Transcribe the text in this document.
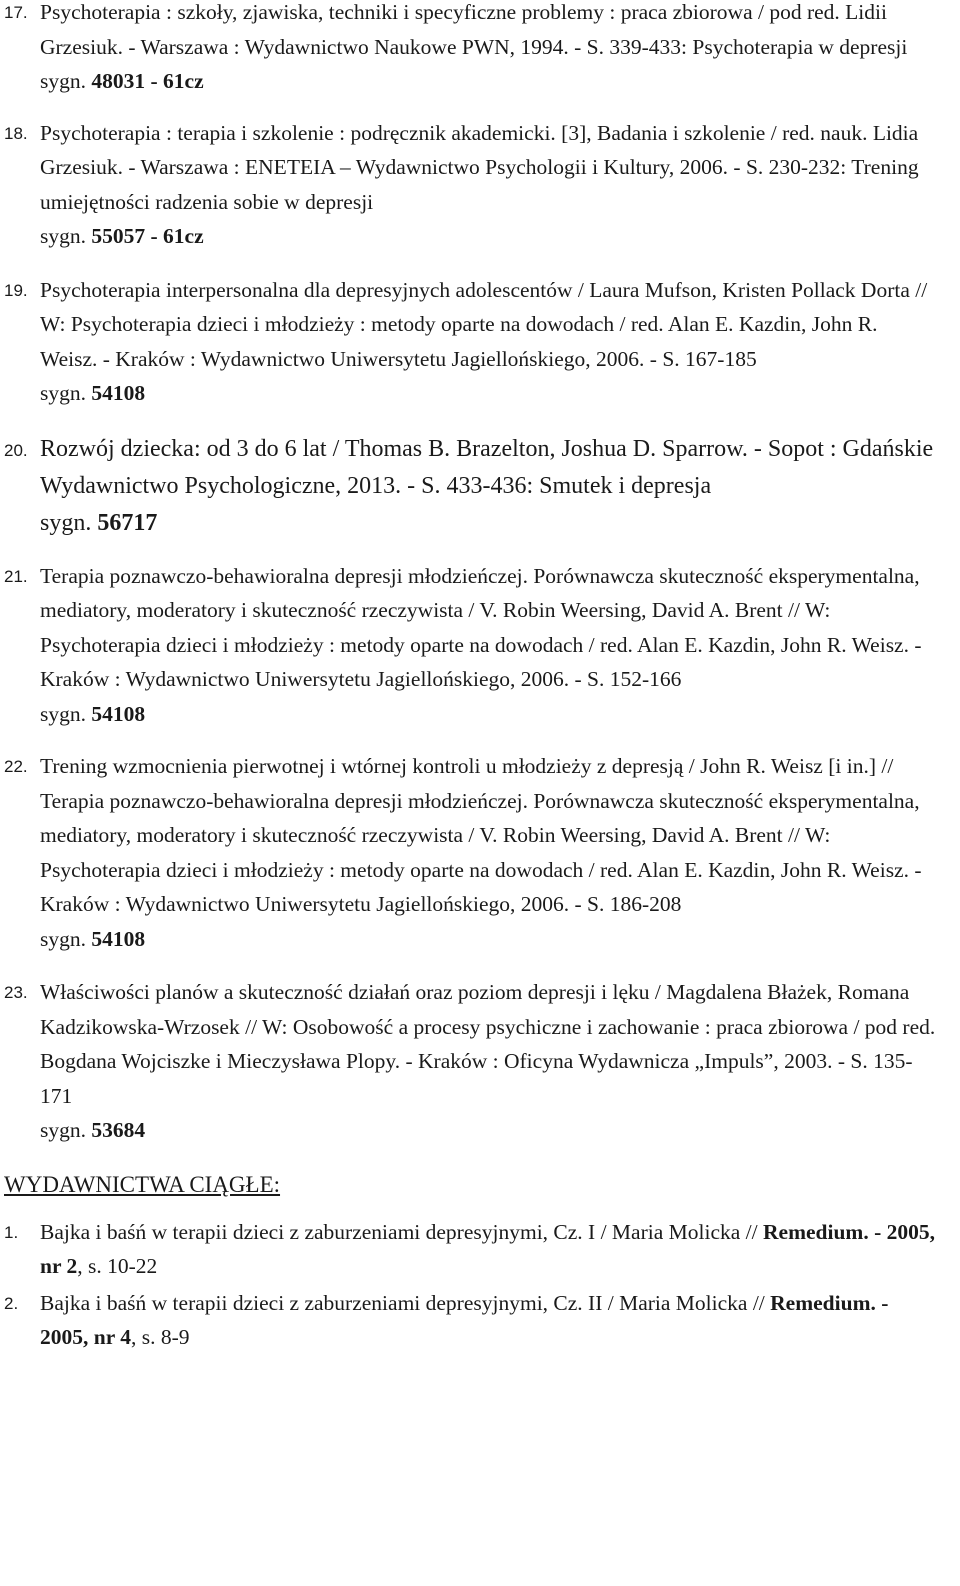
17. Psychoterapia : szkoły, zjawiska, techniki i specyficzne problemy : praca zbiorowa / pod red. Lidii Grzesiuk. - Warszawa : Wydawnictwo Naukowe PWN, 1994. - S. 339-433: Psychoterapia w depresji

sygn. 48031 - 61cz

18. Psychoterapia : terapia i szkolenie : podręcznik akademicki. [3], Badania i szkolenie / red. nauk. Lidia Grzesiuk. - Warszawa : ENETEIA – Wydawnictwo Psychologii i Kultury, 2006. - S. 230-232: Trening umiejętności radzenia sobie w depresji

sygn. 55057 - 61cz

19. Psychoterapia interpersonalna dla depresyjnych adolescentów / Laura Mufson, Kristen Pollack Dorta // W: Psychoterapia dzieci i młodzieży : metody oparte na dowodach / red. Alan E. Kazdin, John R. Weisz. - Kraków : Wydawnictwo Uniwersytetu Jagiellońskiego, 2006. - S. 167-185

sygn. 54108

20. Rozwój dziecka: od 3 do 6 lat / Thomas B. Brazelton, Joshua D. Sparrow. - Sopot : Gdańskie Wydawnictwo Psychologiczne, 2013. - S. 433-436: Smutek i depresja

sygn. 56717

21. Terapia poznawczo-behawioralna depresji młodzieńczej. Porównawcza skuteczność eksperymentalna, mediatory, moderatory i skuteczność rzeczywista / V. Robin Weersing, David A. Brent // W: Psychoterapia dzieci i młodzieży : metody oparte na dowodach / red. Alan E. Kazdin, John R. Weisz. - Kraków : Wydawnictwo Uniwersytetu Jagiellońskiego, 2006. - S. 152-166

sygn. 54108

22. Trening wzmocnienia pierwotnej i wtórnej kontroli u młodzieży z depresją / John R. Weisz [i in.] // Terapia poznawczo-behawioralna depresji młodzieńczej. Porównawcza skuteczność eksperymentalna, mediatory, moderatory i skuteczność rzeczywista / V. Robin Weersing, David A. Brent // W: Psychoterapia dzieci i młodzieży : metody oparte na dowodach / red. Alan E. Kazdin, John R. Weisz. - Kraków : Wydawnictwo Uniwersytetu Jagiellońskiego, 2006. - S. 186-208

sygn. 54108

23. Właściwości planów a skuteczność działań oraz poziom depresji i lęku / Magdalena Błażek, Romana Kadzikowska-Wrzosek // W: Osobowość a procesy psychiczne i zachowanie : praca zbiorowa / pod red. Bogdana Wojciszke i Mieczysława Plopy. - Kraków : Oficyna Wydawnicza „Impuls”, 2003. - S. 135-171

sygn. 53684

WYDAWNICTWA CIĄGŁE:
1.	Bajka i baśń w terapii dzieci z zaburzeniami depresyjnymi, Cz. I / Maria Molicka // Remedium. - 2005, nr 2, s. 10-22

2.	Bajka i baśń w terapii dzieci z zaburzeniami depresyjnymi, Cz. II / Maria Molicka // Remedium. - 2005, nr 4, s. 8-9
